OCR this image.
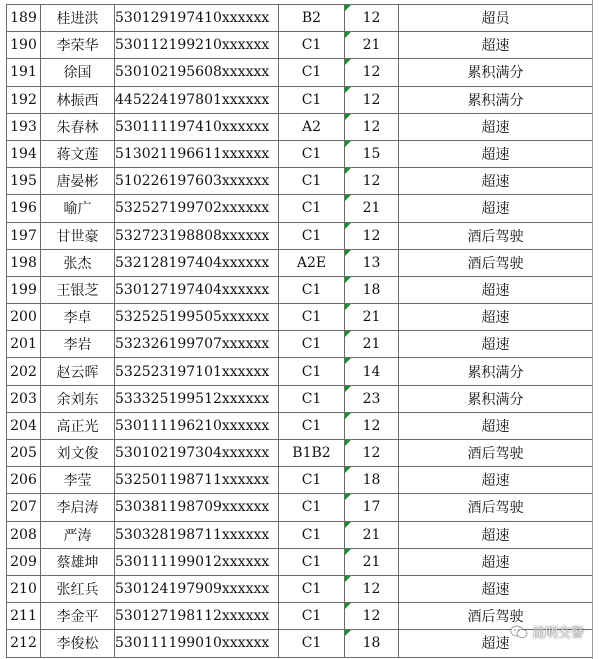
189	桂进洪	530129197410xxxxxx	B2	12	超员
190	李荣华	530112199210xxxxxx	C1	21	超速
191	徐国	530102195608xxxxxx	C1	12	累积满分
192	林振西	445224197801xxxxxx	C1	12	累积满分
193	朱春林	530111197410xxxxxx	A2	12	超速
194	蒋文莲	513021196611xxxxxx	C1	15	超速
195	唐晏彬	510226197603xxxxxx	C1	12	超速
196	喻广	532527199702xxxxxx	C1	21	超速
197	甘世豪	532723198808xxxxxx	C1	12	酒后驾驶
198	张杰	532128197404xxxxxx	A2E	13	酒后驾驶
199	王银芝	530127197404xxxxxx	C1	18	超速
200	李卓	532525199505xxxxxx	C1	21	超速
201	李岩	532326199707xxxxxx	C1	21	超速
202	赵云晖	532523197101xxxxxx	C1	14	累积满分
203	余刘东	533325199512xxxxxx	C1	23	累积满分
204	高正光	530111196210xxxxxx	C1	12	超速
205	刘文俊	530102197304xxxxxx	B1B2	12	酒后驾驶
206	李莹	532501198711xxxxxx	C1	18	超速
207	李启涛	530381198709xxxxxx	C1	17	酒后驾驶
208	严涛	530328198711xxxxxx	C1	21	超速
209	蔡雄坤	530111199012xxxxxx	C1	21	超速
210	张红兵	530124197909xxxxxx	C1	12	超速
211	李金平	530127198112xxxxxx	C1	12	酒后驾驶
212	李俊松	530111199010xxxxxx	C1	18	超速
昆明交警
